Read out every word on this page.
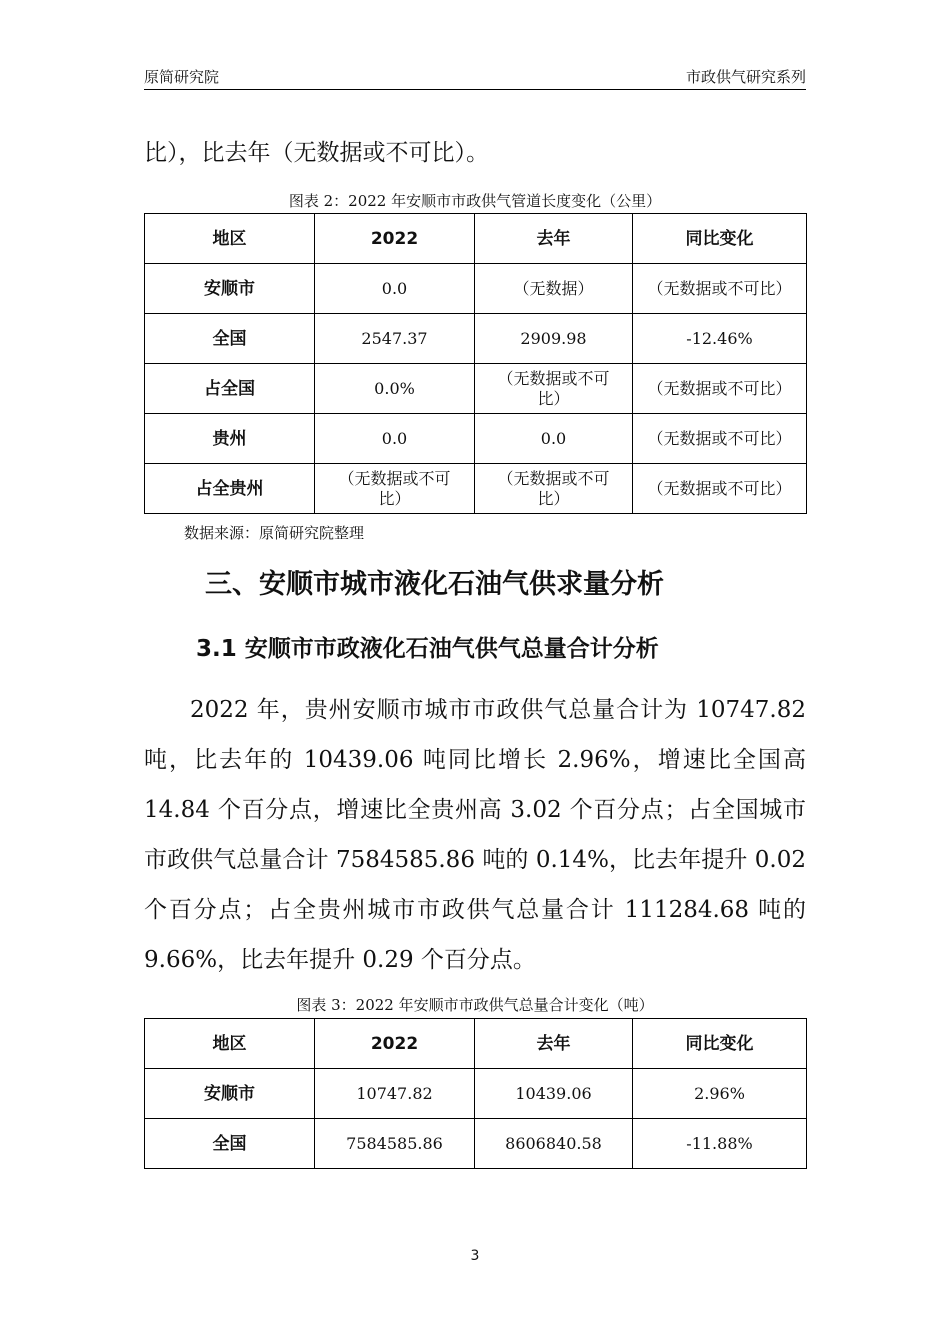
原简研究院	市政供气研究系列
比），比去年（无数据或不可比）。
图表 2：2022 年安顺市市政供气管道长度变化（公里）
地区	2022	去年	同比变化
安顺市	0.0	（无数据）	（无数据或不可比）
全国	2547.37	2909.98	-12.46%
占全国	0.0%	（无数据或不可比）	（无数据或不可比）
贵州	0.0	0.0	（无数据或不可比）
占全贵州	（无数据或不可比）	（无数据或不可比）	（无数据或不可比）
数据来源：原简研究院整理
三、安顺市城市液化石油气供求量分析
3.1 安顺市市政液化石油气供气总量合计分析

2022 年，贵州安顺市城市市政供气总量合计为 10747.82 吨，比去年的 10439.06 吨同比增长 2.96%，增速比全国高 14.84 个百分点，增速比全贵州高 3.02 个百分点；占全国城市市政供气总量合计 7584585.86 吨的 0.14%，比去年提升 0.02 个百分点；占全贵州城市市政供气总量合计 111284.68 吨的 9.66%，比去年提升 0.29 个百分点。

图表 3：2022 年安顺市市政供气总量合计变化（吨）
地区	2022	去年	同比变化
安顺市	10747.82	10439.06	2.96%
全国	7584585.86	8606840.58	-11.88%
3
